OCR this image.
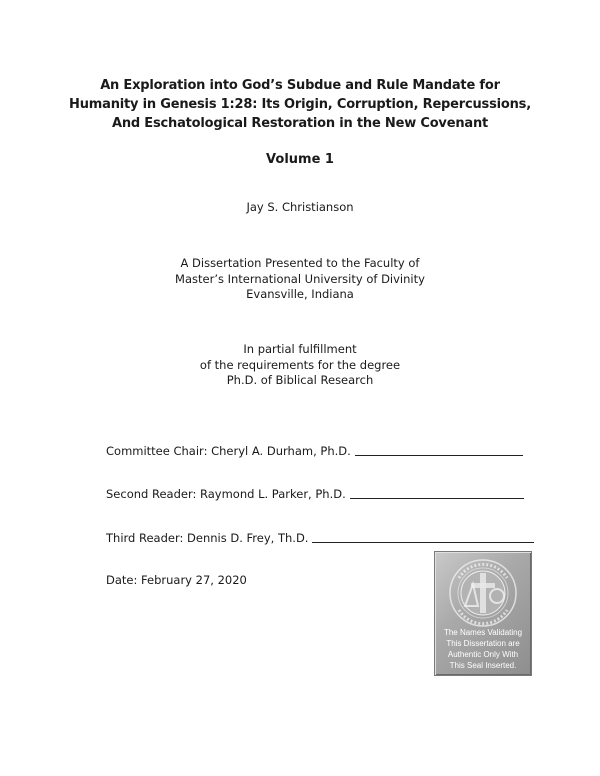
An Exploration into God’s Subdue and Rule Mandate for
Humanity in Genesis 1:28: Its Origin, Corruption, Repercussions,
And Eschatological Restoration in the New Covenant
Volume 1
Jay S. Christianson
A Dissertation Presented to the Faculty of
Master’s International University of Divinity
Evansville, Indiana
In partial fulfillment
of the requirements for the degree
Ph.D. of Biblical Research
Committee Chair: Cheryl A. Durham, Ph.D.
Second Reader: Raymond L. Parker, Ph.D.
Third Reader: Dennis D. Frey, Th.D.
Date: February 27, 2020
The Names Validating
This Dissertation are
Authentic Only With
This Seal Inserted.
